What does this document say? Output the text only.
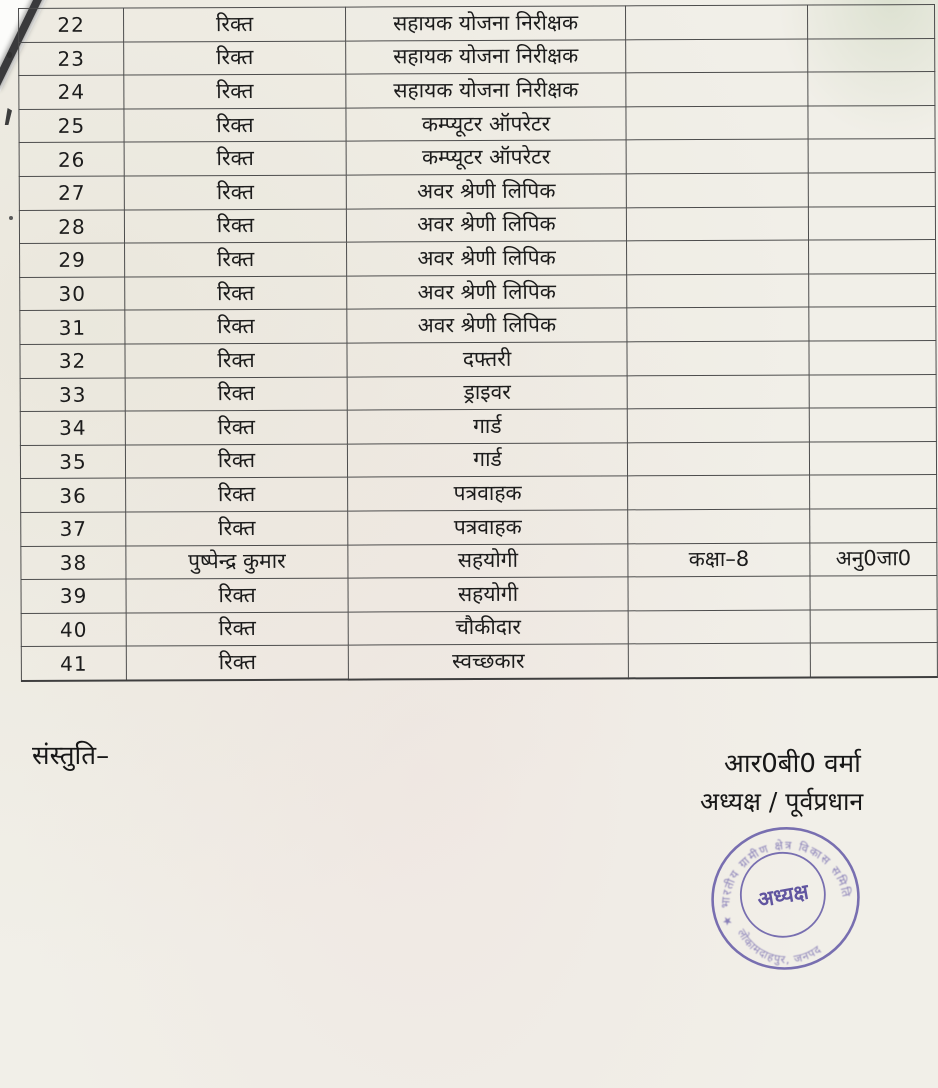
22	रिक्त	सहायक योजना निरीक्षक		
23	रिक्त	सहायक योजना निरीक्षक		
24	रिक्त	सहायक योजना निरीक्षक		
25	रिक्त	कम्प्यूटर ऑपरेटर		
26	रिक्त	कम्प्यूटर ऑपरेटर		
27	रिक्त	अवर श्रेणी लिपिक		
28	रिक्त	अवर श्रेणी लिपिक		
29	रिक्त	अवर श्रेणी लिपिक		
30	रिक्त	अवर श्रेणी लिपिक		
31	रिक्त	अवर श्रेणी लिपिक		
32	रिक्त	दफ्तरी		
33	रिक्त	ड्राइवर		
34	रिक्त	गार्ड		
35	रिक्त	गार्ड		
36	रिक्त	पत्रवाहक		
37	रिक्त	पत्रवाहक		
38	पुष्पेन्द्र कुमार	सहयोगी	कक्षा–8	अनु0जा0
39	रिक्त	सहयोगी		
40	रिक्त	चौकीदार		
41	रिक्त	स्वच्छकार		
संस्तुति–	आर0बी0 वर्मा
अध्यक्ष / पूर्वप्रधान
★ भारतीय ग्रामीण क्षेत्र विकास समिति
लोकामदाहपुर, जनपद
अध्यक्ष
